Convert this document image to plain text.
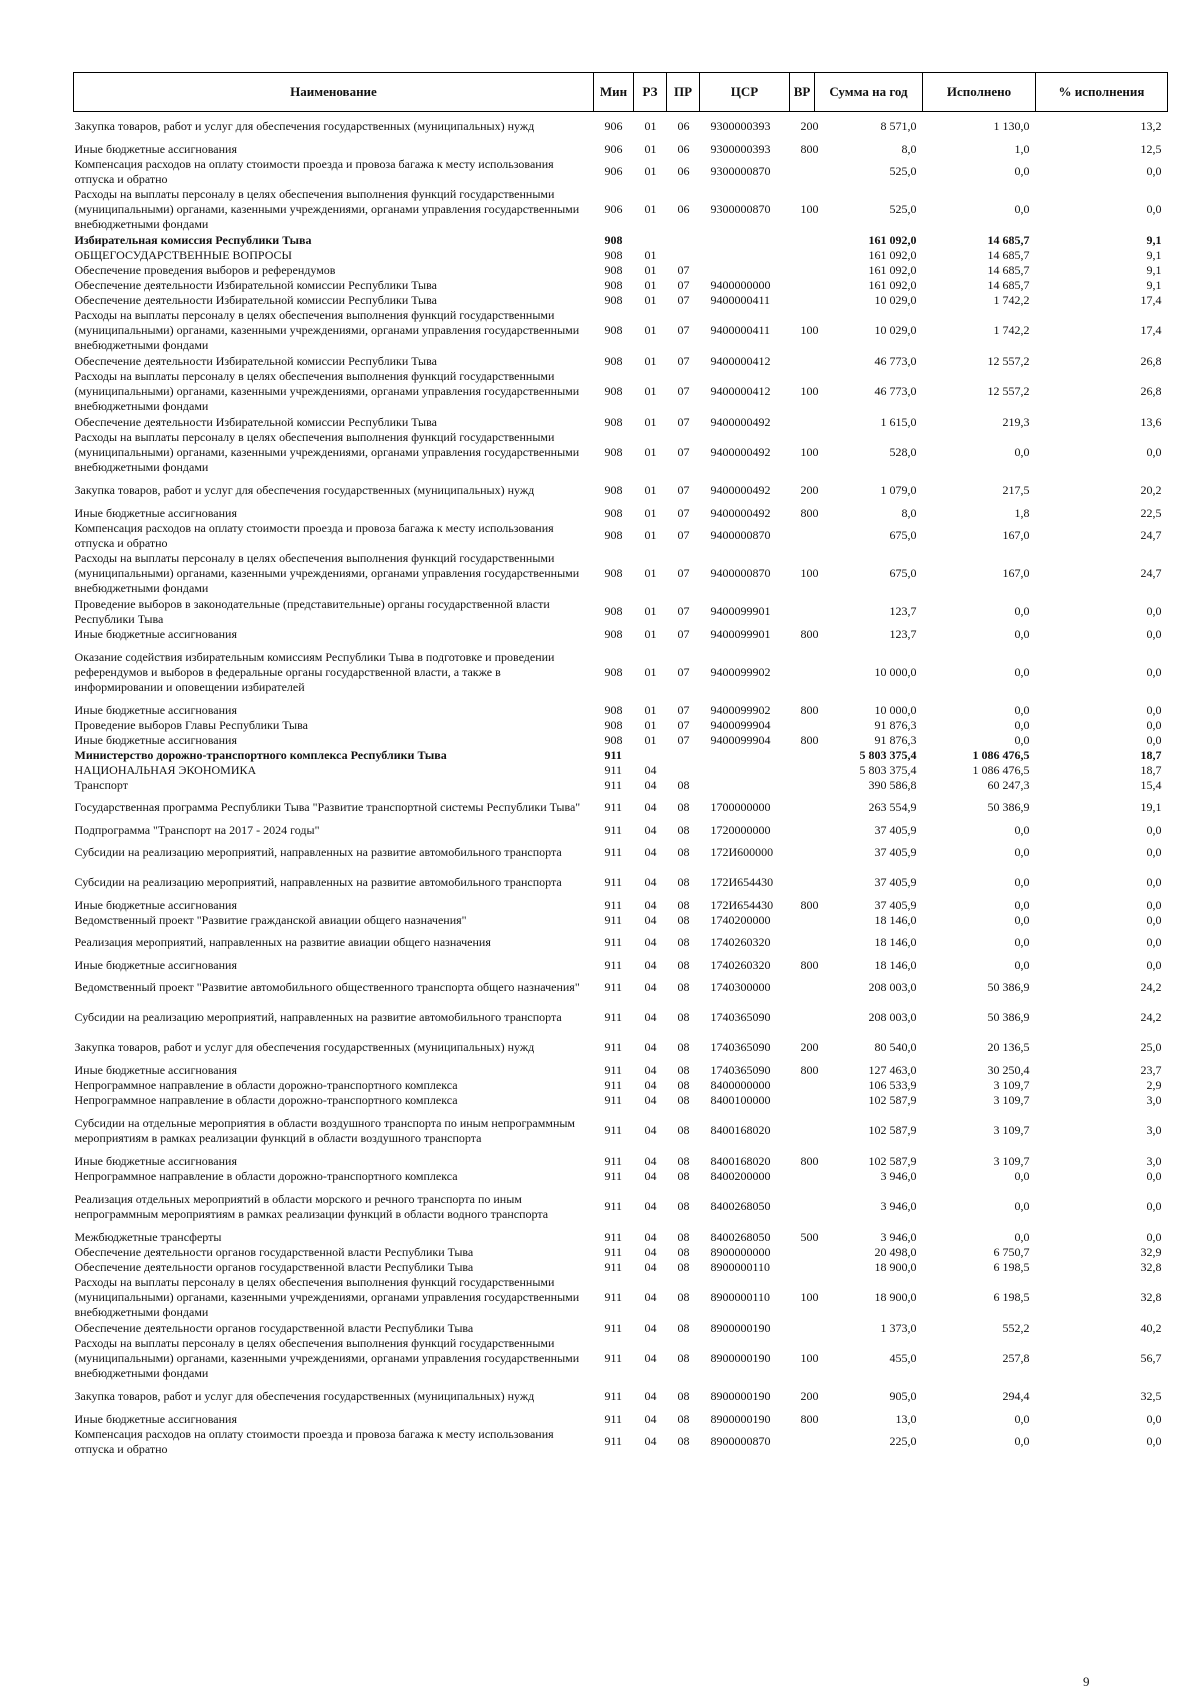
Наименование	Мин	РЗ	ПР	ЦСР	ВР	Сумма на год	Исполнено	% исполнения
Закупка товаров, работ и услуг для обеспечения государственных (муниципальных) нужд	906	01	06	9300000393	200	8 571,0	1 130,0	13,2
Иные бюджетные ассигнования	906	01	06	9300000393	800	8,0	1,0	12,5
Компенсация расходов на оплату стоимости проезда и провоза багажа к месту использования отпуска и обратно	906	01	06	9300000870		525,0	0,0	0,0
Расходы на выплаты персоналу в целях обеспечения выполнения функций государственными (муниципальными) органами, казенными учреждениями, органами управления государственными внебюджетными фондами	906	01	06	9300000870	100	525,0	0,0	0,0
Избирательная комиссия Республики Тыва	908					161 092,0	14 685,7	9,1
ОБЩЕГОСУДАРСТВЕННЫЕ ВОПРОСЫ	908	01				161 092,0	14 685,7	9,1
Обеспечение проведения выборов и референдумов	908	01	07			161 092,0	14 685,7	9,1
Обеспечение деятельности Избирательной комиссии Республики Тыва	908	01	07	9400000000		161 092,0	14 685,7	9,1
Обеспечение деятельности Избирательной комиссии Республики Тыва	908	01	07	9400000411		10 029,0	1 742,2	17,4
Расходы на выплаты персоналу в целях обеспечения выполнения функций государственными (муниципальными) органами, казенными учреждениями, органами управления государственными внебюджетными фондами	908	01	07	9400000411	100	10 029,0	1 742,2	17,4
Обеспечение деятельности Избирательной комиссии Республики Тыва	908	01	07	9400000412		46 773,0	12 557,2	26,8
Расходы на выплаты персоналу в целях обеспечения выполнения функций государственными (муниципальными) органами, казенными учреждениями, органами управления государственными внебюджетными фондами	908	01	07	9400000412	100	46 773,0	12 557,2	26,8
Обеспечение деятельности Избирательной комиссии Республики Тыва	908	01	07	9400000492		1 615,0	219,3	13,6
Расходы на выплаты персоналу в целях обеспечения выполнения функций государственными (муниципальными) органами, казенными учреждениями, органами управления государственными внебюджетными фондами	908	01	07	9400000492	100	528,0	0,0	0,0
Закупка товаров, работ и услуг для обеспечения государственных (муниципальных) нужд	908	01	07	9400000492	200	1 079,0	217,5	20,2
Иные бюджетные ассигнования	908	01	07	9400000492	800	8,0	1,8	22,5
Компенсация расходов на оплату стоимости проезда и провоза багажа к месту использования отпуска и обратно	908	01	07	9400000870		675,0	167,0	24,7
Расходы на выплаты персоналу в целях обеспечения выполнения функций государственными (муниципальными) органами, казенными учреждениями, органами управления государственными внебюджетными фондами	908	01	07	9400000870	100	675,0	167,0	24,7
Проведение выборов в законодательные (представительные) органы государственной власти Республики Тыва	908	01	07	9400099901		123,7	0,0	0,0
Иные бюджетные ассигнования	908	01	07	9400099901	800	123,7	0,0	0,0
Оказание содействия избирательным комиссиям Республики Тыва в подготовке и проведении референдумов и выборов в федеральные органы государственной власти, а также в информировании и оповещении избирателей	908	01	07	9400099902		10 000,0	0,0	0,0
Иные бюджетные ассигнования	908	01	07	9400099902	800	10 000,0	0,0	0,0
Проведение выборов Главы Республики Тыва	908	01	07	9400099904		91 876,3	0,0	0,0
Иные бюджетные ассигнования	908	01	07	9400099904	800	91 876,3	0,0	0,0
Министерство дорожно-транспортного комплекса Республики Тыва	911					5 803 375,4	1 086 476,5	18,7
НАЦИОНАЛЬНАЯ ЭКОНОМИКА	911	04				5 803 375,4	1 086 476,5	18,7
Транспорт	911	04	08			390 586,8	60 247,3	15,4
Государственная программа Республики Тыва "Развитие транспортной системы Республики Тыва"	911	04	08	1700000000		263 554,9	50 386,9	19,1
Подпрограмма "Транспорт на 2017 - 2024 годы"	911	04	08	1720000000		37 405,9	0,0	0,0
Субсидии на реализацию мероприятий, направленных на развитие автомобильного транспорта	911	04	08	172И600000		37 405,9	0,0	0,0
Субсидии на реализацию мероприятий, направленных на развитие автомобильного транспорта	911	04	08	172И654430		37 405,9	0,0	0,0
Иные бюджетные ассигнования	911	04	08	172И654430	800	37 405,9	0,0	0,0
Ведомственный проект "Развитие гражданской авиации общего назначения"	911	04	08	1740200000		18 146,0	0,0	0,0
Реализация мероприятий, направленных на развитие авиации общего назначения	911	04	08	1740260320		18 146,0	0,0	0,0
Иные бюджетные ассигнования	911	04	08	1740260320	800	18 146,0	0,0	0,0
Ведомственный проект "Развитие автомобильного общественного транспорта общего назначения"	911	04	08	1740300000		208 003,0	50 386,9	24,2
Субсидии на реализацию мероприятий, направленных на развитие автомобильного транспорта	911	04	08	1740365090		208 003,0	50 386,9	24,2
Закупка товаров, работ и услуг для обеспечения государственных (муниципальных) нужд	911	04	08	1740365090	200	80 540,0	20 136,5	25,0
Иные бюджетные ассигнования	911	04	08	1740365090	800	127 463,0	30 250,4	23,7
Непрограммное направление в области дорожно-транспортного комплекса	911	04	08	8400000000		106 533,9	3 109,7	2,9
Непрограммное направление в области дорожно-транспортного комплекса	911	04	08	8400100000		102 587,9	3 109,7	3,0
Субсидии на отдельные мероприятия в области воздушного транспорта по иным непрограммным мероприятиям в рамках реализации функций в области воздушного транспорта	911	04	08	8400168020		102 587,9	3 109,7	3,0
Иные бюджетные ассигнования	911	04	08	8400168020	800	102 587,9	3 109,7	3,0
Непрограммное направление в области дорожно-транспортного комплекса	911	04	08	8400200000		3 946,0	0,0	0,0
Реализация отдельных мероприятий в области морского и речного транспорта по иным непрограммным мероприятиям в рамках реализации функций в области водного транспорта	911	04	08	8400268050		3 946,0	0,0	0,0
Межбюджетные трансферты	911	04	08	8400268050	500	3 946,0	0,0	0,0
Обеспечение деятельности органов государственной власти Республики Тыва	911	04	08	8900000000		20 498,0	6 750,7	32,9
Обеспечение деятельности органов государственной власти Республики Тыва	911	04	08	8900000110		18 900,0	6 198,5	32,8
Расходы на выплаты персоналу в целях обеспечения выполнения функций государственными (муниципальными) органами, казенными учреждениями, органами управления государственными внебюджетными фондами	911	04	08	8900000110	100	18 900,0	6 198,5	32,8
Обеспечение деятельности органов государственной власти Республики Тыва	911	04	08	8900000190		1 373,0	552,2	40,2
Расходы на выплаты персоналу в целях обеспечения выполнения функций государственными (муниципальными) органами, казенными учреждениями, органами управления государственными внебюджетными фондами	911	04	08	8900000190	100	455,0	257,8	56,7
Закупка товаров, работ и услуг для обеспечения государственных (муниципальных) нужд	911	04	08	8900000190	200	905,0	294,4	32,5
Иные бюджетные ассигнования	911	04	08	8900000190	800	13,0	0,0	0,0
Компенсация расходов на оплату стоимости проезда и провоза багажа к месту использования отпуска и обратно	911	04	08	8900000870		225,0	0,0	0,0
9
